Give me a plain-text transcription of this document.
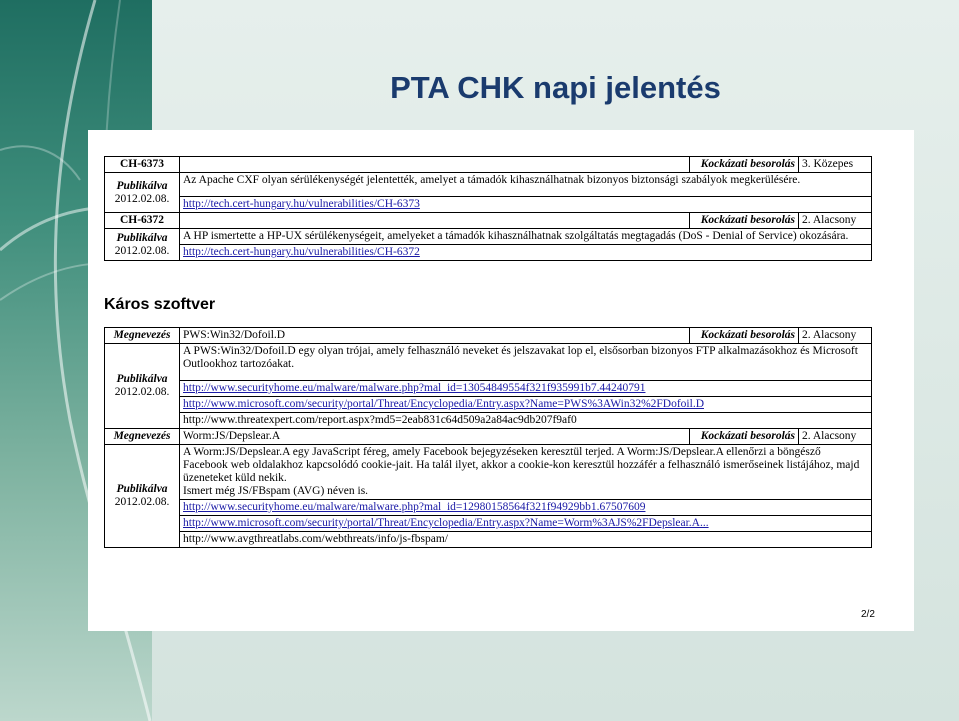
PTA CHK napi jelentés
CH-6373		Kockázati besorolás	3. Közepes

Publikálva
2012.02.08.	Az Apache CXF olyan sérülékenységét jelentették, amelyet a támadók kihasználhatnak bizonyos biztonsági szabályok megkerülésére.		
	http://tech.cert-hungary.hu/vulnerabilities/CH-6373		
CH-6372		Kockázati besorolás	2. Alacsony

Publikálva
2012.02.08.	A HP ismertette a HP-UX sérülékenységeit, amelyeket a támadók kihasználhatnak szolgáltatás megtagadás (DoS - Denial of Service) okozására.		
	http://tech.cert-hungary.hu/vulnerabilities/CH-6372		
Káros szoftver
Megnevezés	PWS:Win32/Dofoil.D	Kockázati besorolás	2. Alacsony

Publikálva
2012.02.08.	A PWS:Win32/Dofoil.D egy olyan trójai, amely felhasználó neveket és jelszavakat lop el, elsősorban bizonyos FTP alkalmazásokhoz és Microsoft Outlookhoz tartozóakat.		
	http://www.securityhome.eu/malware/malware.php?mal_id=13054849554f321f935991b7.44240791		
	http://www.microsoft.com/security/portal/Threat/Encyclopedia/Entry.aspx?Name=PWS%3AWin32%2FDofoil.D		
	http://www.threatexpert.com/report.aspx?md5=2eab831c64d509a2a84ac9db207f9af0		
Megnevezés	Worm:JS/Depslear.A	Kockázati besorolás	2. Alacsony

Publikálva
2012.02.08.	A Worm:JS/Depslear.A egy JavaScript féreg, amely Facebook bejegyzéseken keresztül terjed. A Worm:JS/Depslear.A ellenőrzi a böngésző Facebook web oldalakhoz kapcsolódó cookie-jait. Ha talál ilyet, akkor a cookie-kon keresztül hozzáfér a felhasználó ismerőseinek listájához, majd üzeneteket küld nekik.
Ismert még JS/FBspam (AVG) néven is.		
	http://www.securityhome.eu/malware/malware.php?mal_id=12980158564f321f94929bb1.67507609		
	http://www.microsoft.com/security/portal/Threat/Encyclopedia/Entry.aspx?Name=Worm%3AJS%2FDepslear.A...		
	http://www.avgthreatlabs.com/webthreats/info/js-fbspam/		
2/2
